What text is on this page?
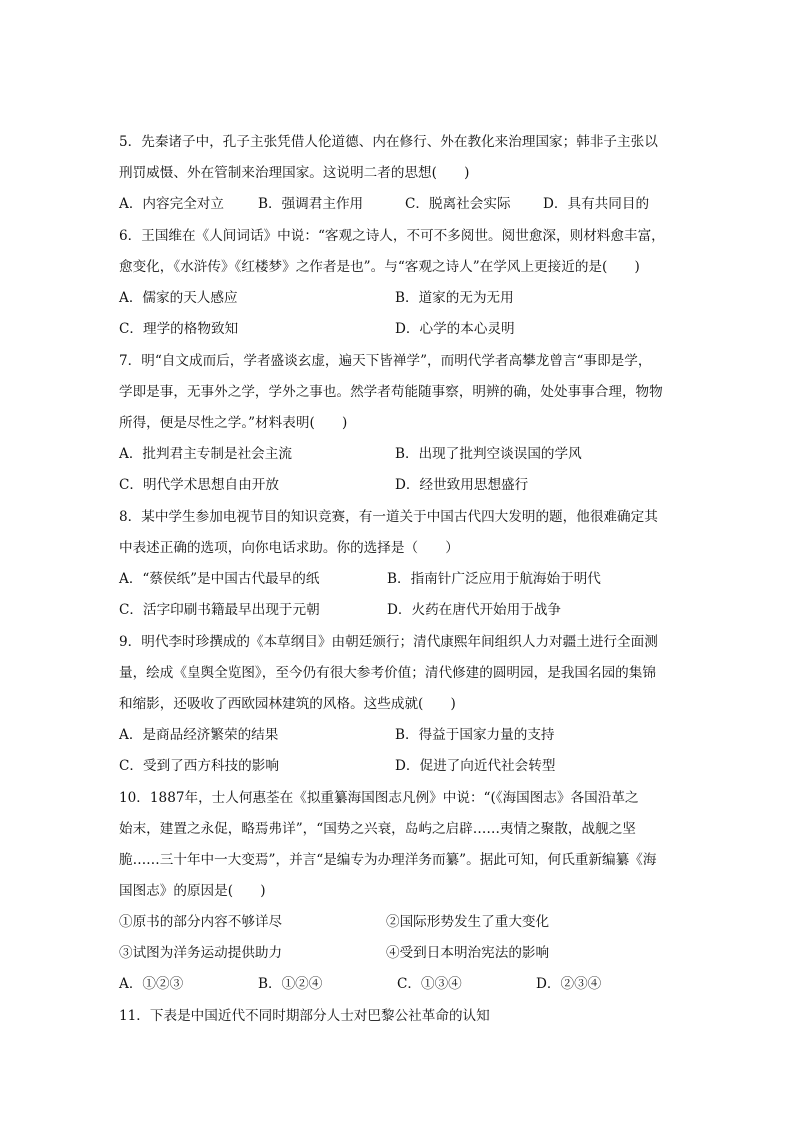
5．先秦诸子中，孔子主张凭借人伦道德、内在修行、外在教化来治理国家；韩非子主张以
刑罚威慑、外在管制来治理国家。这说明二者的思想(　　)
A．内容完全对立	B．强调君主作用	C．脱离社会实际 D．具有共同目的
6．王国维在《人间词话》中说：“客观之诗人，不可不多阅世。阅世愈深，则材料愈丰富，
愈变化，《水浒传》《红楼梦》之作者是也”。与“客观之诗人”在学风上更接近的是(　　)
A．儒家的天人感应	B．道家的无为无用
C．理学的格物致知	D．心学的本心灵明
7．明“自文成而后，学者盛谈玄虚，遍天下皆禅学”，而明代学者高攀龙曾言“事即是学，
学即是事，无事外之学，学外之事也。然学者苟能随事察，明辨的确，处处事事合理，物物
所得，便是尽性之学。”材料表明(　　)
A．批判君主专制是社会主流	B．出现了批判空谈误国的学风
C．明代学术思想自由开放	D．经世致用思想盛行
8．某中学生参加电视节目的知识竞赛，有一道关于中国古代四大发明的题，他很难确定其
中表述正确的选项，向你电话求助。你的选择是（　　）
A．“蔡侯纸”是中国古代最早的纸	B．指南针广泛应用于航海始于明代
C．活字印刷书籍最早出现于元朝	D．火药在唐代开始用于战争
9．明代李时珍撰成的《本草纲目》由朝廷颁行；清代康熙年间组织人力对疆土进行全面测
量，绘成《皇舆全览图》，至今仍有很大参考价值；清代修建的圆明园，是我国名园的集锦
和缩影，还吸收了西欧园林建筑的风格。这些成就(　　)
A．是商品经济繁荣的结果	B．得益于国家力量的支持
C．受到了西方科技的影响	D．促进了向近代社会转型
10．1887年，士人何惠荃在《拟重纂海国图志凡例》中说：“(《海国图志》各国沿革之
始末，建置之永促，略焉弗详”，“国势之兴衰，岛屿之启辟……夷情之聚散，战舰之坚
脆……三十年中一大变焉”，并言“是编专为办理洋务而纂”。据此可知，何氏重新编纂《海
国图志》的原因是(　　)
①原书的部分内容不够详尽	②国际形势发生了重大变化
③试图为洋务运动提供助力	④受到日本明治宪法的影响
A．①②③	B．①②④	C．①③④	D．②③④
11．下表是中国近代不同时期部分人士对巴黎公社革命的认知
